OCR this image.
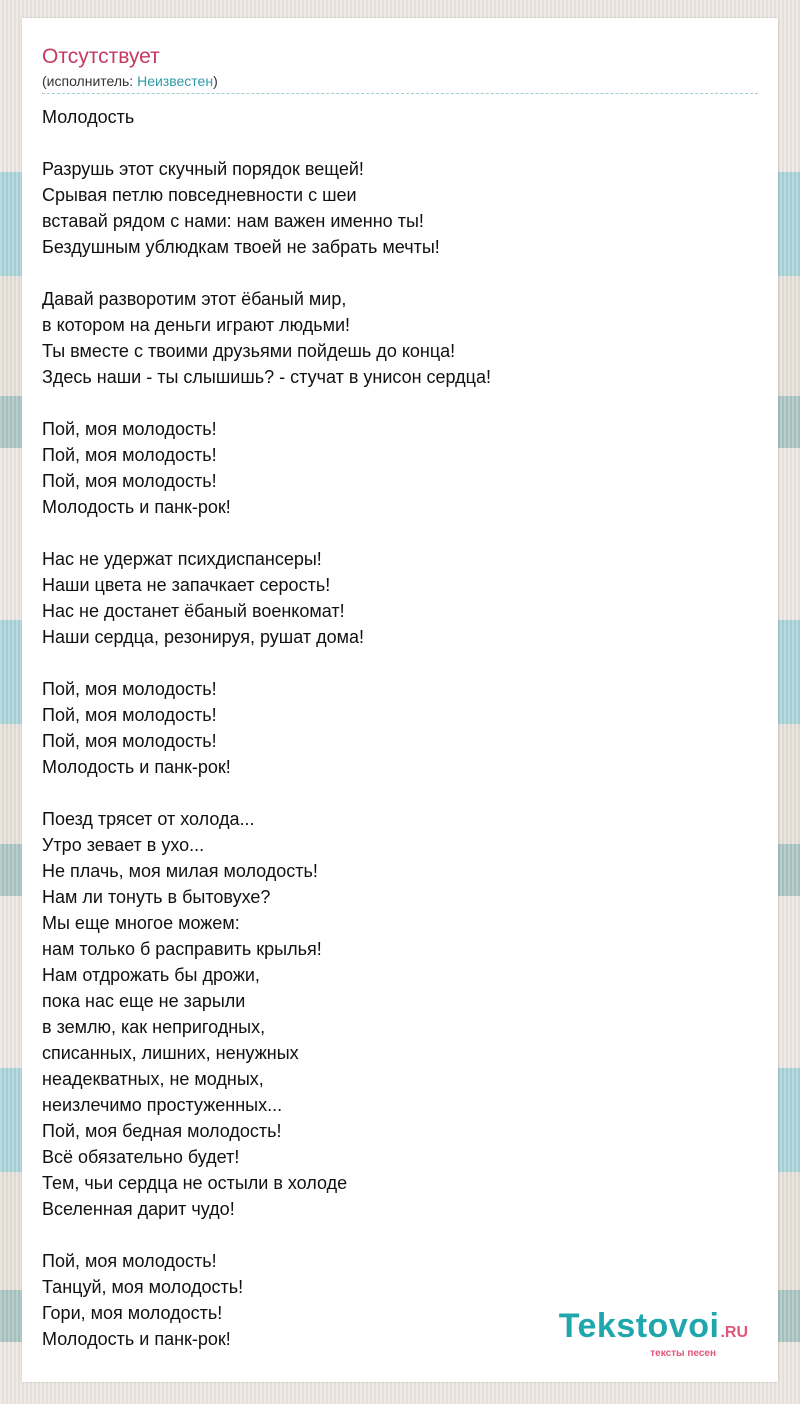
Отсутствует
(исполнитель: Неизвестен)
Молодость
Разрушь этот скучный порядок вещей!
Срывая петлю повседневности с шеи
вставай рядом с нами: нам важен именно ты!
Бездушным ублюдкам твоей не забрать мечты!
Давай разворотим этот ёбаный мир,
в котором на деньги играют людьми!
Ты вместе с твоими друзьями пойдешь до конца!
Здесь наши - ты слышишь? - стучат в унисон сердца!
Пой, моя молодость!
Пой, моя молодость!
Пой, моя молодость!
Молодость и панк-рок!
Нас не удержат психдиспансеры!
Наши цвета не запачкает серость!
Нас не достанет ёбаный военкомат!
Наши сердца, резонируя, рушат дома!
Пой, моя молодость!
Пой, моя молодость!
Пой, моя молодость!
Молодость и панк-рок!
Поезд трясет от холода...
Утро зевает в ухо...
Не плачь, моя милая молодость!
Нам ли тонуть в бытовухе?
Мы еще многое можем:
нам только б расправить крылья!
Нам отдрожать бы дрожи,
пока нас еще не зарыли
в землю, как непригодных,
списанных, лишних, ненужных
неадекватных, не модных,
неизлечимо простуженных...
Пой, моя бедная молодость!
Всё обязательно будет!
Тем, чьи сердца не остыли в холоде
Вселенная дарит чудо!
Пой, моя молодость!
Танцуй, моя молодость!
Гори, моя молодость!
Молодость и панк-рок!	Tekstovoi.RU
тексты песен
